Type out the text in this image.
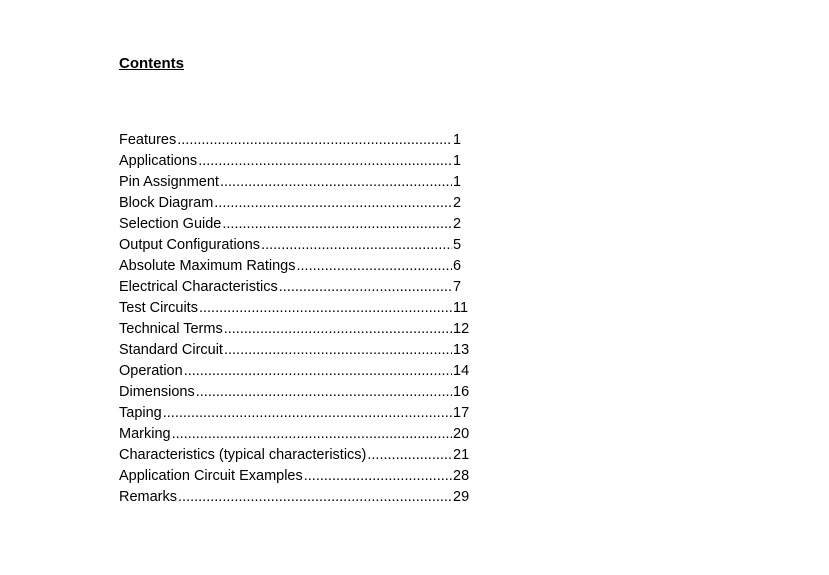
Contents
Features .....	1
Applications .....	1
Pin Assignment .....	1
Block Diagram .....	2
Selection Guide .....	2
Output Configurations .....	5
Absolute Maximum Ratings .....	6
Electrical Characteristics .....	7
Test Circuits .....	11
Technical Terms .....	12
Standard Circuit .....	13
Operation .....	14
Dimensions .....	16
Taping .....	17
Marking .....	20
Characteristics (typical characteristics) .....	21
Application Circuit Examples .....	28
Remarks .....	29
